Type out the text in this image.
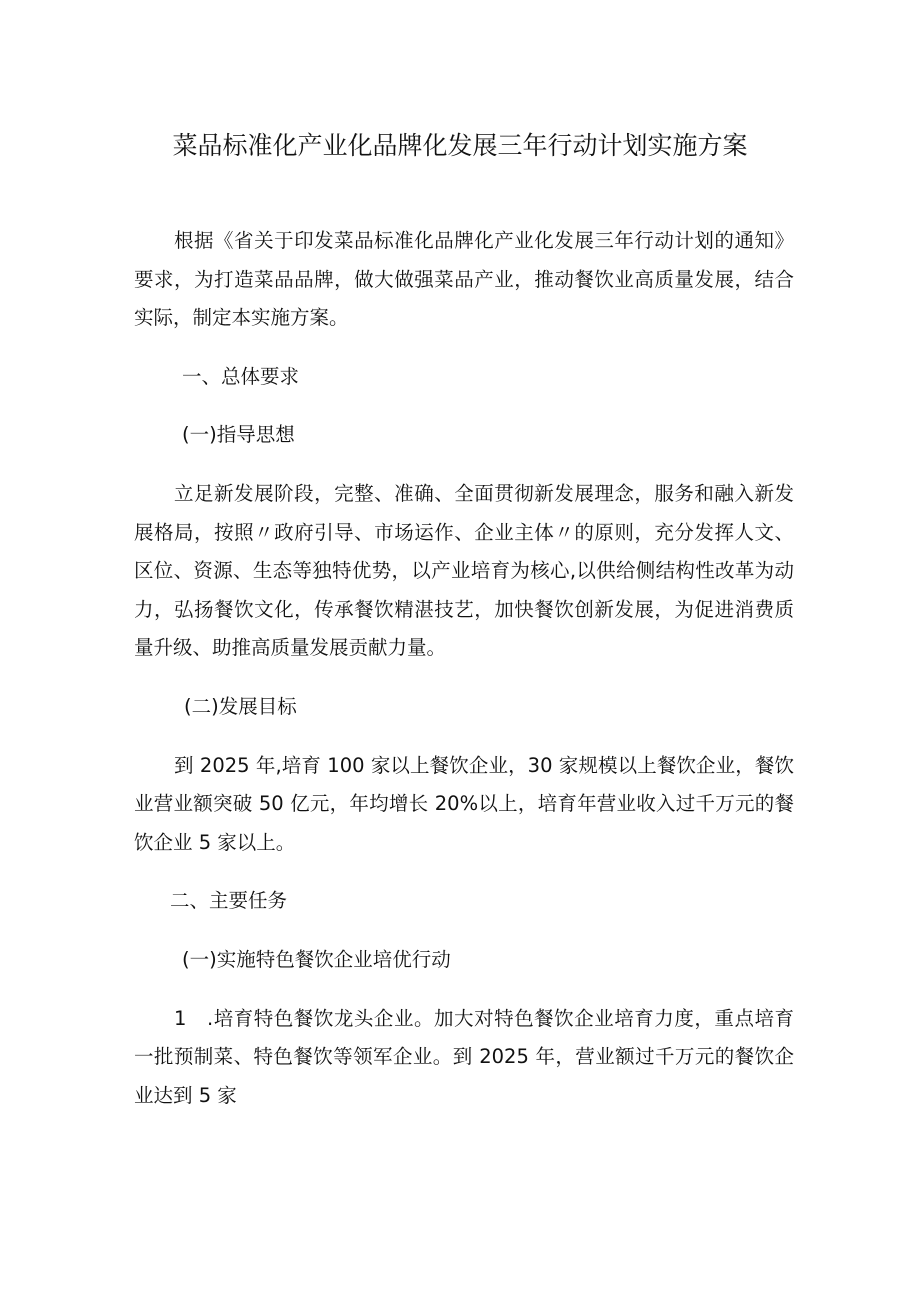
菜品标准化产业化品牌化发展三年行动计划实施方案

根据《省关于印发菜品标准化品牌化产业化发展三年行动计划的通知》要求，为打造菜品品牌，做大做强菜品产业，推动餐饮业高质量发展，结合实际，制定本实施方案。

一、总体要求

(一)指导思想

立足新发展阶段，完整、准确、全面贯彻新发展理念，服务和融入新发展格局，按照〃政府引导、市场运作、企业主体〃的原则，充分发挥人文、区位、资源、生态等独特优势，以产业培育为核心,以供给侧结构性改革为动力，弘扬餐饮文化，传承餐饮精湛技艺，加快餐饮创新发展，为促进消费质量升级、助推高质量发展贡献力量。

(二)发展目标

到 2025 年,培育 100 家以上餐饮企业，30 家规模以上餐饮企业，餐饮业营业额突破 50 亿元，年均增长 20%以上，培育年营业收入过千万元的餐饮企业 5 家以上。

二、主要任务

(一)实施特色餐饮企业培优行动

1　.培育特色餐饮龙头企业。加大对特色餐饮企业培育力度，重点培育一批预制菜、特色餐饮等领军企业。到 2025 年，营业额过千万元的餐饮企业达到 5 家
